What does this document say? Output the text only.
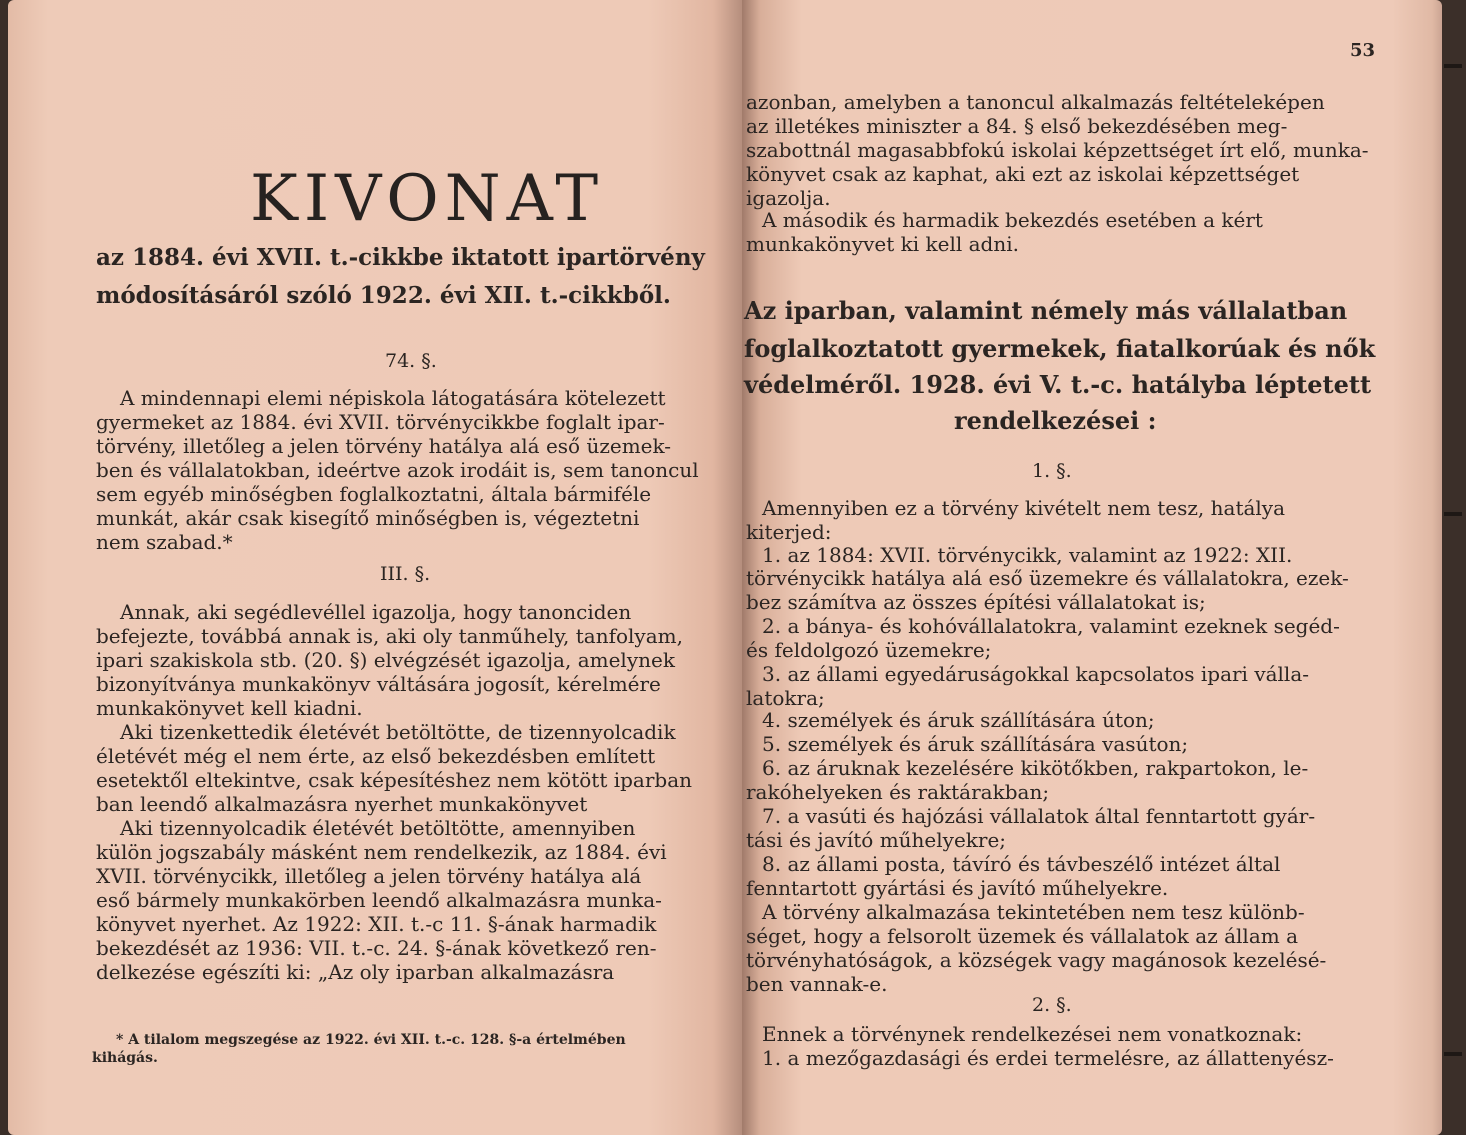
KIVONAT
az 1884. évi XVII. t.-cikkbe iktatott ipartörvény
módosításáról szóló 1922. évi XII. t.-cikkből.
74. §.
A mindennapi elemi népiskola látogatására kötelezett
gyermeket az 1884. évi XVII. törvénycikkbe foglalt ipar-
törvény, illetőleg a jelen törvény hatálya alá eső üzemek-
ben és vállalatokban, ideértve azok irodáit is, sem tanoncul
sem egyéb minőségben foglalkoztatni, általa bármiféle
munkát, akár csak kisegítő minőségben is, végeztetni
nem szabad.*
III. §.
Annak, aki segédlevéllel igazolja, hogy tanonciden
befejezte, továbbá annak is, aki oly tanműhely, tanfolyam,
ipari szakiskola stb. (20. §) elvégzését igazolja, amelynek
bizonyítványa munkakönyv váltására jogosít, kérelmére
munkakönyvet kell kiadni.
Aki tizenkettedik életévét betöltötte, de tizennyolcadik
életévét még el nem érte, az első bekezdésben említett
esetektől eltekintve, csak képesítéshez nem kötött iparban
ban leendő alkalmazásra nyerhet munkakönyvet
Aki tizennyolcadik életévét betöltötte, amennyiben
külön jogszabály másként nem rendelkezik, az 1884. évi
XVII. törvénycikk, illetőleg a jelen törvény hatálya alá
eső bármely munkakörben leendő alkalmazásra munka-
könyvet nyerhet. Az 1922: XII. t.-c 11. §-ának harmadik
bekezdését az 1936: VII. t.-c. 24. §-ának következő ren-
delkezése egészíti ki: „Az oly iparban alkalmazásra
* A tilalom megszegése az 1922. évi XII. t.-c. 128. §-a értelmében
kihágás.
53
azonban, amelyben a tanoncul alkalmazás feltételeképen
az illetékes miniszter a 84. § első bekezdésében meg-
szabottnál magasabbfokú iskolai képzettséget írt elő, munka-
könyvet csak az kaphat, aki ezt az iskolai képzettséget
igazolja.
A második és harmadik bekezdés esetében a kért
munkakönyvet ki kell adni.
Az iparban, valamint némely más vállalatban
foglalkoztatott gyermekek, fiatalkorúak és nők
védelméről. 1928. évi V. t.-c. hatályba léptetett
rendelkezései :
1. §.
Amennyiben ez a törvény kivételt nem tesz, hatálya
kiterjed:
1. az 1884: XVII. törvénycikk, valamint az 1922: XII.
törvénycikk hatálya alá eső üzemekre és vállalatokra, ezek-
bez számítva az összes építési vállalatokat is;
2. a bánya- és kohóvállalatokra, valamint ezeknek segéd-
és feldolgozó üzemekre;
3. az állami egyedáruságokkal kapcsolatos ipari válla-
latokra;
4. személyek és áruk szállítására úton;
5. személyek és áruk szállítására vasúton;
6. az áruknak kezelésére kikötőkben, rakpartokon, le-
rakóhelyeken és raktárakban;
7. a vasúti és hajózási vállalatok által fenntartott gyár-
tási és javító műhelyekre;
8. az állami posta, távíró és távbeszélő intézet által
fenntartott gyártási és javító műhelyekre.
A törvény alkalmazása tekintetében nem tesz különb-
séget, hogy a felsorolt üzemek és vállalatok az állam a
törvényhatóságok, a községek vagy magánosok kezelésé-
ben vannak-e.
2. §.
Ennek a törvénynek rendelkezései nem vonatkoznak:
1. a mezőgazdasági és erdei termelésre, az állattenyész-
